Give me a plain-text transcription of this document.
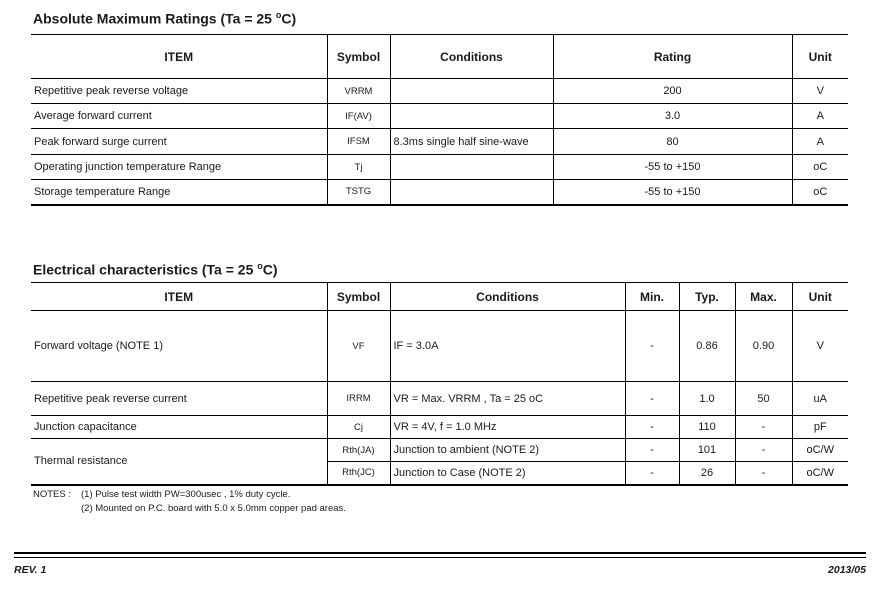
Absolute Maximum Ratings (Ta = 25 $^o$C)
ITEM	Symbol	Conditions	Rating	Unit
Repetitive peak reverse voltage	VRRM		200	V
Average forward current	IF(AV)		3.0	A
Peak forward surge current	IFSM	8.3ms single half sine-wave	80	A
Operating junction temperature Range	Tj		-55 to +150	oC
Storage temperature Range	TSTG		-55 to +150	oC
Electrical characteristics (Ta = 25 $^o$C)
ITEM	Symbol	Conditions	Min.	Typ.	Max.	Unit
Forward voltage (NOTE 1)	VF	IF = 3.0A	-	0.86	0.90	V
Repetitive peak reverse current	IRRM	VR = Max. VRRM , Ta = 25 oC	-	1.0	50	uA
Junction capacitance	Cj	VR = 4V, f = 1.0 MHz	-	110	-	pF
Thermal resistance	Rth(JA)	Junction to ambient (NOTE 2)	-	101	-	oC/W
	Rth(JC)	Junction to Case (NOTE 2)	-	26	-	oC/W
NOTES : (1) Pulse test width PW=300usec , 1% duty cycle.
(2) Mounted on P.C. board with 5.0 x 5.0mm copper pad areas.
REV. 1	2013/05
